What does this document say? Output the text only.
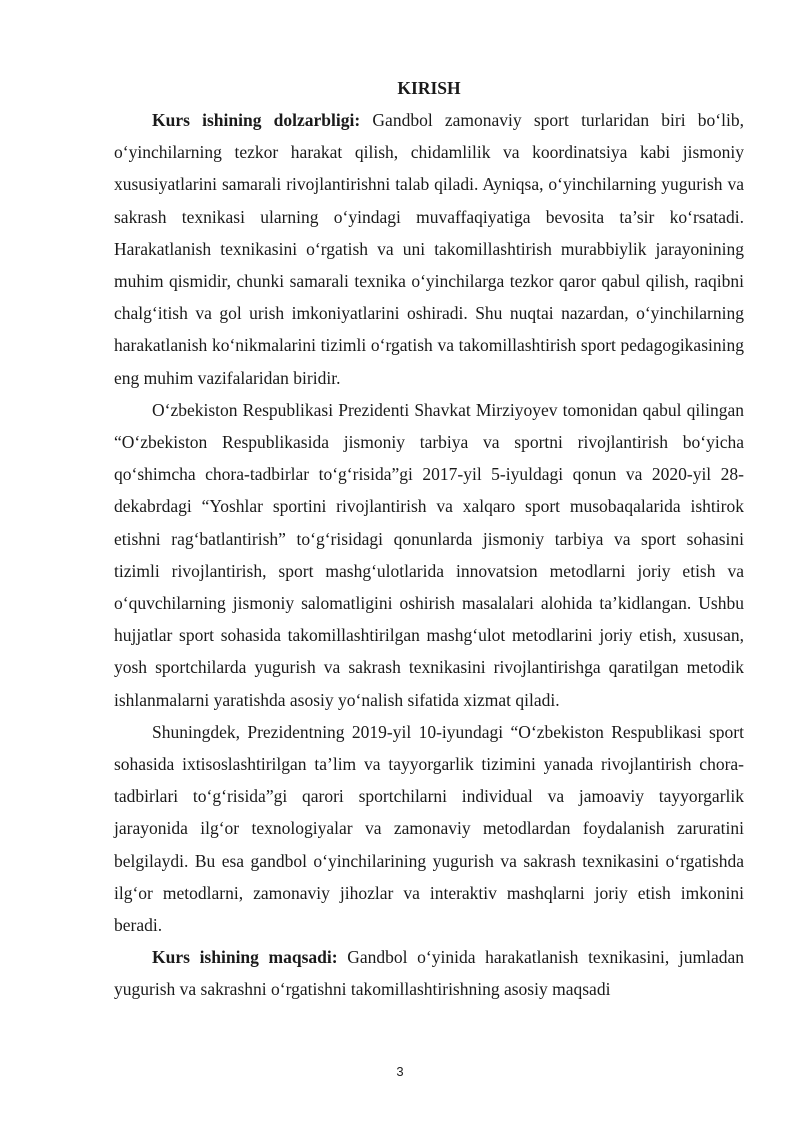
KIRISH

Kurs ishining dolzarbligi: Gandbol zamonaviy sport turlaridan biri bo‘lib, o‘yinchilarning tezkor harakat qilish, chidamlilik va koordinatsiya kabi jismoniy xususiyatlarini samarali rivojlantirishni talab qiladi. Ayniqsa, o‘yinchilarning yugurish va sakrash texnikasi ularning o‘yindagi muvaffaqiyatiga bevosita ta’sir ko‘rsatadi. Harakatlanish texnikasini o‘rgatish va uni takomillashtirish murabbiylik jarayonining muhim qismidir, chunki samarali texnika o‘yinchilarga tezkor qaror qabul qilish, raqibni chalg‘itish va gol urish imkoniyatlarini oshiradi. Shu nuqtai nazardan, o‘yinchilarning harakatlanish ko‘nikmalarini tizimli o‘rgatish va takomillashtirish sport pedagogikasining eng muhim vazifalaridan biridir.

O‘zbekiston Respublikasi Prezidenti Shavkat Mirziyoyev tomonidan qabul qilingan “O‘zbekiston Respublikasida jismoniy tarbiya va sportni rivojlantirish bo‘yicha qo‘shimcha chora-tadbirlar to‘g‘risida”gi 2017-yil 5-iyuldagi qonun va 2020-yil 28-dekabrdagi “Yoshlar sportini rivojlantirish va xalqaro sport musobaqalarida ishtirok etishni rag‘batlantirish” to‘g‘risidagi qonunlarda jismoniy tarbiya va sport sohasini tizimli rivojlantirish, sport mashg‘ulotlarida innovatsion metodlarni joriy etish va o‘quvchilarning jismoniy salomatligini oshirish masalalari alohida ta’kidlangan. Ushbu hujjatlar sport sohasida takomillashtirilgan mashg‘ulot metodlarini joriy etish, xususan, yosh sportchilarda yugurish va sakrash texnikasini rivojlantirishga qaratilgan metodik ishlanmalarni yaratishda asosiy yo‘nalish sifatida xizmat qiladi.

Shuningdek, Prezidentning 2019-yil 10-iyundagi “O‘zbekiston Respublikasi sport sohasida ixtisoslashtirilgan ta’lim va tayyorgarlik tizimini yanada rivojlantirish chora-tadbirlari to‘g‘risida”gi qarori sportchilarni individual va jamoaviy tayyorgarlik jarayonida ilg‘or texnologiyalar va zamonaviy metodlardan foydalanish zaruratini belgilaydi. Bu esa gandbol o‘yinchilarining yugurish va sakrash texnikasini o‘rgatishda ilg‘or metodlarni, zamonaviy jihozlar va interaktiv mashqlarni joriy etish imkonini beradi.

Kurs ishining maqsadi: Gandbol o‘yinida harakatlanish texnikasini, jumladan yugurish va sakrashni o‘rgatishni takomillashtirishning asosiy maqsadi

3
